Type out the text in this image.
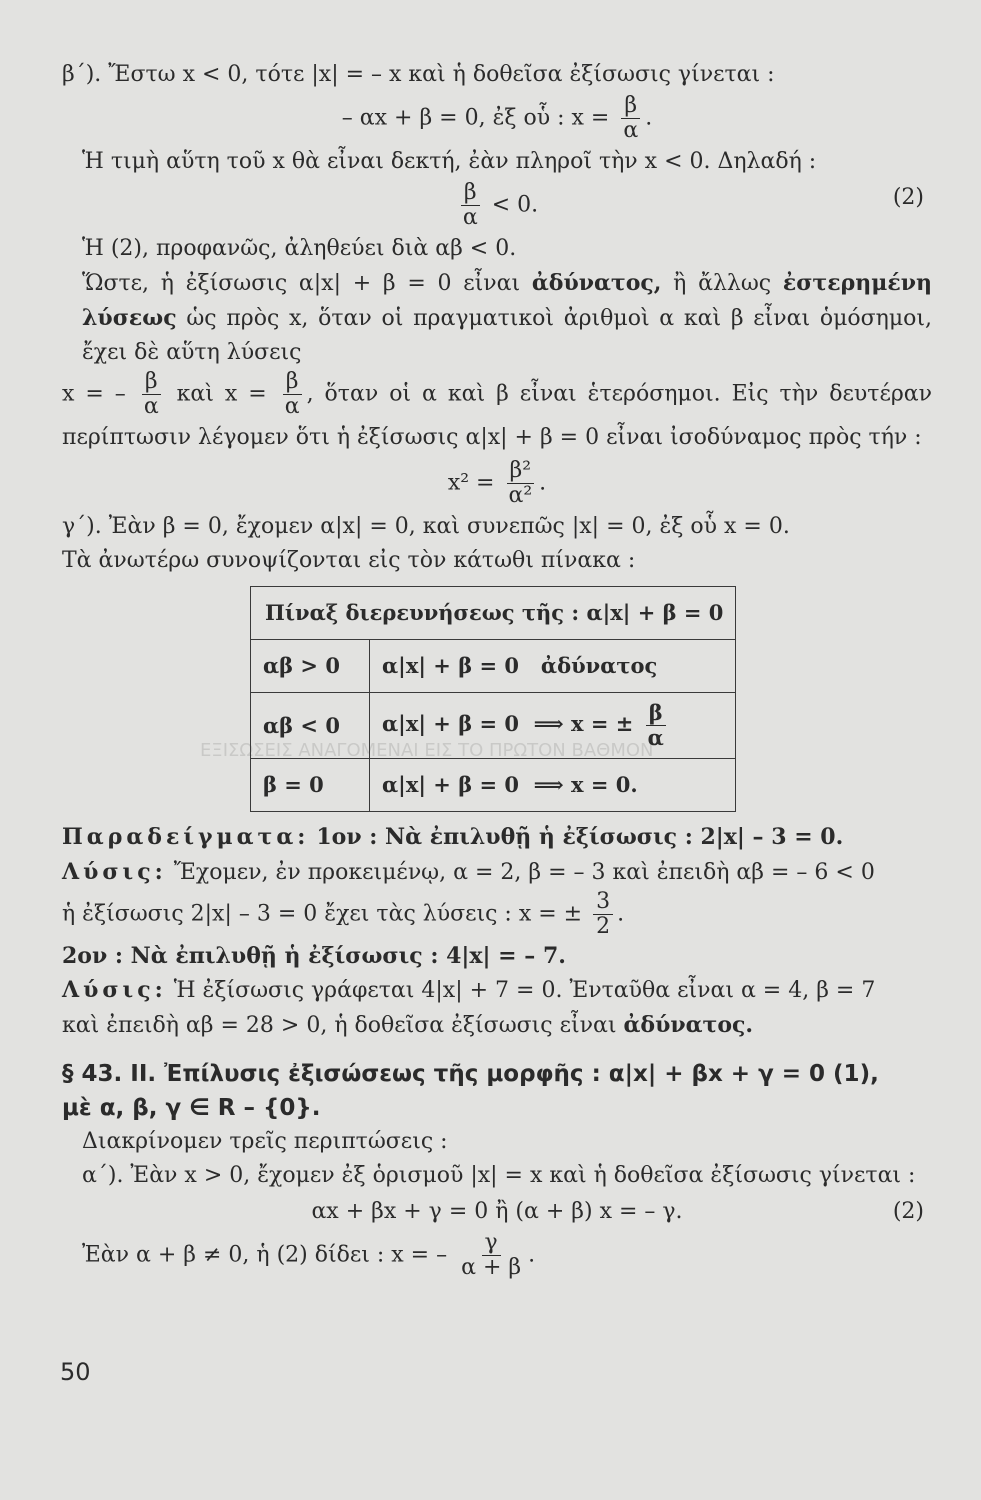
ΕΞΙΣΩΣΕΙΣ ΑΝΑΓΟΜΕΝΑΙ ΕΙΣ ΤΟ ΠΡΩΤΟΝ ΒΑΘΜΟΝ

β΄). Ἔστω x < 0, τότε |x| = – x καὶ ἡ δοθεῖσα ἐξίσωσις γίνεται :

– αx + β = 0, ἐξ οὗ : $x = \frac{\beta}{\alpha}$ .

Ἡ τιμὴ αὕτη τοῦ x θὰ εἶναι δεκτή, ἐὰν πληροῖ τὴν x < 0. Δηλαδή :

$\frac{\beta}{\alpha} < 0$.	(2)

Ἡ (2), προφανῶς, ἀληθεύει διὰ αβ < 0.

Ὥστε, ἡ ἐξίσωσις α|x| + β = 0 εἶναι ἀδύνατος, ἢ ἄλλως ἐστερημένη λύσεως ὡς πρὸς x, ὅταν οἱ πραγματικοὶ ἀριθμοὶ α καὶ β εἶναι ὁμόσημοι, ἔχει δὲ αὕτη λύσεις

x = – $\frac{\beta}{\alpha}$ καὶ $x = \frac{\beta}{\alpha}$ , ὅταν οἱ α καὶ β εἶναι ἑτερόσημοι. Εἰς τὴν δευτέραν περίπτωσιν λέγομεν ὅτι ἡ ἐξίσωσις α|x| + β = 0 εἶναι ἰσοδύναμος πρὸς τήν :

$x^2 = \frac{\text{β²}}{\text{α²}}$ .

γ΄). Ἐὰν β = 0, ἔχομεν α|x| = 0, καὶ συνεπῶς |x| = 0, ἐξ οὗ x = 0.

Τὰ ἀνωτέρω συνοψίζονται εἰς τὸν κάτωθι πίνακα :

Πίναξ διερευνήσεως τῆς : α|x| + β = 0	
αβ > 0	α|x| + β = 0 ἀδύνατος
αβ < 0	α|x| + β = 0 ⟹ x = ± $\frac{\beta}{\alpha}$

β = 0	α|x| + β = 0 ⟹ x = 0.

Παραδείγματα: 1ον : Νὰ ἐπιλυθῇ ἡ ἐξίσωσις : 2|x| – 3 = 0.

Λύσις: Ἔχομεν, ἐν προκειμένῳ, α = 2, β = – 3 καὶ ἐπειδὴ αβ = – 6 < 0

ἡ ἐξίσωσις 2|x| – 3 = 0 ἔχει τὰς λύσεις : x = ± $\frac{3}{2}$ .

2ον : Νὰ ἐπιλυθῇ ἡ ἐξίσωσις : 4|x| = – 7.

Λύσις: Ἡ ἐξίσωσις γράφεται 4|x| + 7 = 0. Ἐνταῦθα εἶναι α = 4, β = 7

καὶ ἐπειδὴ αβ = 28 > 0, ἡ δοθεῖσα ἐξίσωσις εἶναι ἀδύνατος.

§ 43. ΙΙ. Ἐπίλυσις ἐξισώσεως τῆς μορφῆς : α|x| + βx + γ = 0 (1),

μὲ α, β, γ ∈ R – {0}.

Διακρίνομεν τρεῖς περιπτώσεις :

α΄). Ἐὰν x > 0, ἔχομεν ἐξ ὁρισμοῦ |x| = x καὶ ἡ δοθεῖσα ἐξίσωσις γίνεται :

αx + βx + γ = 0 ἢ (α + β) x = – γ.	(2)

Ἐὰν α + β ≠ 0, ἡ (2) δίδει : x = – $\frac{\gamma}{\alpha + \beta}$ .

50
